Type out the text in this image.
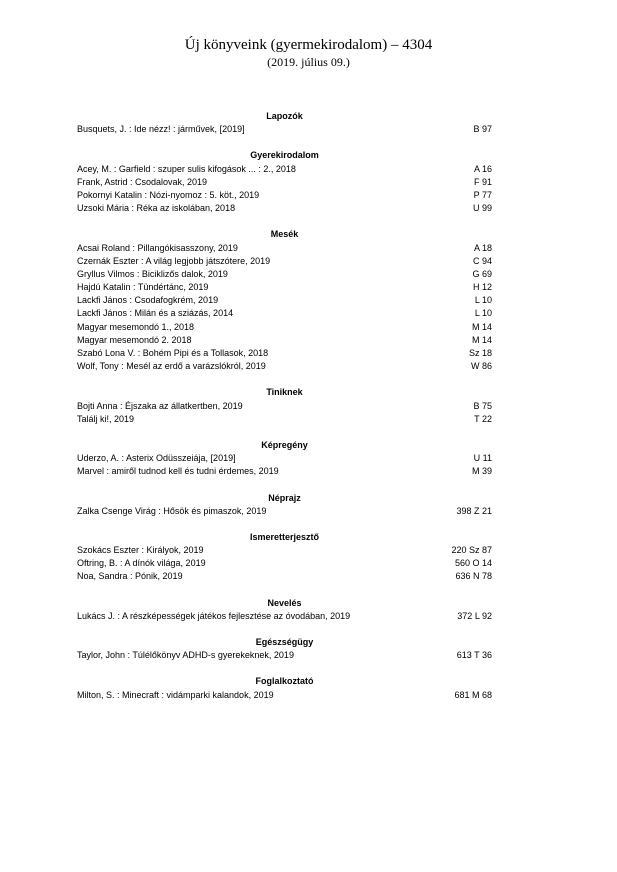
Új könyveink (gyermekirodalom) – 4304
(2019. július 09.)
Lapozók
Busquets, J. : Ide nézz! : járművek, [2019]	B 97
Gyerekirodalom
Acey, M. : Garfield : szuper sulis kifogások ... : 2., 2018	A 16
Frank, Astrid : Csodalovak, 2019	F 91
Pokornyi Katalin : Nózi-nyomoz : 5. köt., 2019	P 77
Uzsoki Mária : Réka az iskolában, 2018	U 99
Mesék
Acsai Roland : Pillangókisasszony, 2019	A 18
Czernák Eszter : A világ legjobb játszótere, 2019	C 94
Gryllus Vilmos : Biciklizős dalok, 2019	G 69
Hajdú Katalin : Tündértánc, 2019	H 12
Lackfi János : Csodafogkrém, 2019	L 10
Lackfi János : Milán és a sziázás, 2014	L 10
Magyar mesemondó 1., 2018	M 14
Magyar mesemondó 2. 2018	M 14
Szabó Lona V. : Bohém Pipi és a Tollasok, 2018	Sz 18
Wolf, Tony : Mesél az erdő a varázslókról, 2019	W 86
Tiniknek
Bojti Anna : Éjszaka az állatkertben, 2019	B 75
Találj ki!, 2019	T 22
Képregény
Uderzo, A. : Asterix Odüsszeiája, [2019]	U 11
Marvel : amiről tudnod kell és tudni érdemes, 2019	M 39
Néprajz
Zalka Csenge Virág : Hősök és pimaszok, 2019	398 Z 21
Ismeretterjesztő
Szokács Eszter : Királyok, 2019	220 Sz 87
Oftring, B. : A dínók világa, 2019	560 O 14
Noa, Sandra : Pónik, 2019	636 N 78
Nevelés
Lukács J. : A részképességek játékos fejlesztése az óvodában, 2019	372 L 92
Egészségügy
Taylor, John : Túlélőkönyv ADHD-s gyerekeknek, 2019	613 T 36
Foglalkoztató
Milton, S. : Minecraft : vidámparki kalandok, 2019	681 M 68
